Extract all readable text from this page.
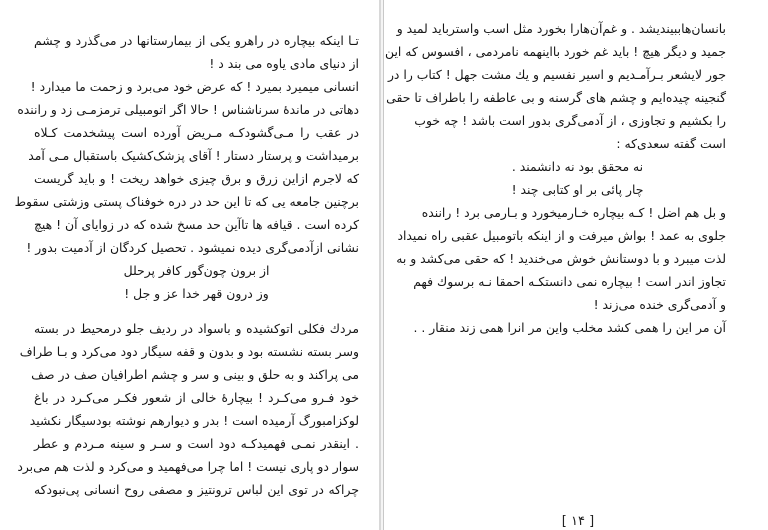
تـا اینکه بیچاره در راهرو یکی از بیمارستانها در می‌گذرد و چشم
از دنیای مادی یاوه می بند د !
انسانی میمیرد بمیرد ! که عرض خود می‌برد و زحمت ما میدارد !
دهاتی در ماندهٔ سرناشناس ! حالا اگر اتومبیلی ترمزمـی زد و راننده
در عقب را مـی‌گشودکـه مـریض آورده است پیشخدمت کـلاه
برمیداشت و پرستار دستار ! آقای پزشک‌کشیک باستقبال مـی آمد
که لاجرم ازاین زرق و برق چیزی خواهد ریخت ! و باید گریست
برچنین جامعه یی که تا این حد در دره خوفناک پستی وزشتی سقوط
کرده است . قیافه ها تاآین حد مسخ شده که در زوایای آن ! هیچ
نشانی ازآدمی‌گری دیده نمیشود . تحصیل کردگان از آدمیت بدور !
از برون چون‌گور کافر پرحلل
وز درون قهر خدا عز و جل !
مردك فکلی اتوکشیده و باسواد در ردیف جلو درمحیط در بسته
وسر بسته نشسته بود و بدون و قفه سیگار دود می‌کرد و بـا طراف
می پراکند و به حلق و بینی و سر و چشم اطرافیان صف در صف
خود فـرو می‌کـرد ! بیچارهٔ خالی از شعور فکـر می‌کـرد در باغ
لوکزامبورگ آرمیده است ! بدر و دیوارهم نوشته بودسیگار نکشید
. اینقدر نمـی فهمیدکـه دود است و سـر و سینه مـردم و عطر
سوار دو پاری نیست ! اما چرا می‌فهمید و می‌کرد و لذت هم می‌برد
چراکه در توی این لباس ترونتیز و مصفی روح انسانی پی‌نبودکه
بانسان‌هاببینديشد . و غم‌آن‌هارا بخورد مثل اسب واستربايد لميد و
جميد و ديگر هيچ ! بايد غم خورد بااينهمه نامردمی ، افسوس که اين
جور لايشعر بـرآمـديم و اسير نفسيم و يك مشت جهل ! کتاب را در
گنجينه چيده‌ايم و چشم های گرسنه و بی عاطفه را باطراف تا حقی
را بکشيم و تجاوزی ، از آدمی‌گری بدور است باشد ! چه خوب
است گفته سعدی‌که :
نه محقق بود نه دانشمند .
چار پائی بر او کتابی چند !
و بل هم اضل ! کـه بیچاره خـارمیخورد و بـارمی برد ! راننده
جلوی به عمد ! بواش میرفت و از اینکه باتومبیل عقبی راه نمیداد
لذت میبرد و با دوستانش خوش می‌خندید ! که حقی می‌کشد و به
تجاوز اندر است ! بیچاره نمی دانستکـه احمقا نـه برسوك فهم
و آدمی‌گری خنده می‌زند !
آن مر این را همی کشد مخلب واین مر انرا همی زند منقار . .
[ ١۴ ]
